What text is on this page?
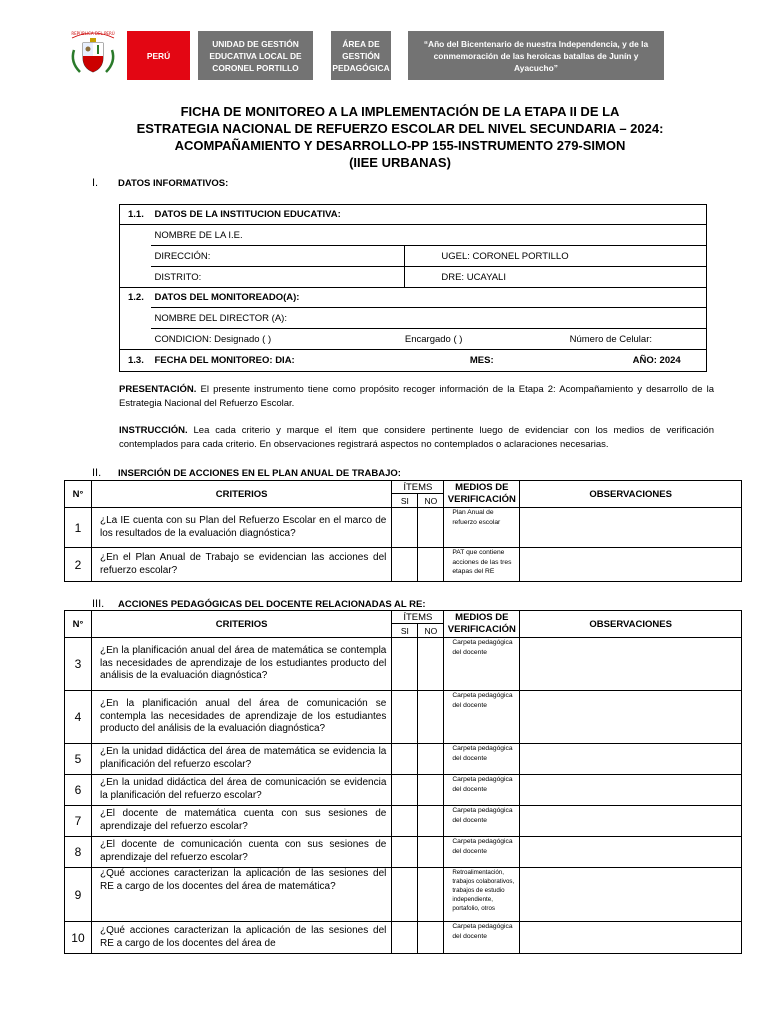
REPÚBLICA DEL PERÚ
PERÚ
UNIDAD DE GESTIÓN EDUCATIVA LOCAL DE CORONEL PORTILLO
ÁREA DE GESTIÓN PEDAGÓGICA
“Año del Bicentenario de nuestra Independencia, y de la conmemoración de las heroicas batallas de Junín y Ayacucho”
FICHA DE MONITOREO A LA IMPLEMENTACIÓN DE LA ETAPA II DE LA
ESTRATEGIA NACIONAL DE REFUERZO ESCOLAR DEL NIVEL SECUNDARIA – 2024:
ACOMPAÑAMIENTO Y DESARROLLO-PP 155-INSTRUMENTO 279-SIMON
(IIEE URBANAS)
I. DATOS INFORMATIVOS:
1.1.	DATOS DE LA INSTITUCION EDUCATIVA:		
	NOMBRE DE LA I.E.		
	DIRECCIÓN:	UGEL: CORONEL PORTILLO	
	DISTRITO:	DRE: UCAYALI	
1.2.	DATOS DEL MONITOREADO(A):		
	NOMBRE DEL DIRECTOR (A):		
	CONDICION: Designado ( )	Encargado ( )	Número de Celular:
1.3.	FECHA DEL MONITOREO: DIA:	MES:	AÑO: 2024
PRESENTACIÓN. El presente instrumento tiene como propósito recoger información de la Etapa 2: Acompañamiento y desarrollo de la Estrategia Nacional del Refuerzo Escolar.
INSTRUCCIÓN. Lea cada criterio y marque el ítem que considere pertinente luego de evidenciar con los medios de verificación contemplados para cada criterio. En observaciones registrará aspectos no contemplados o aclaraciones necesarias.
II. INSERCIÓN DE ACCIONES EN EL PLAN ANUAL DE TRABAJO:
N°	CRITERIOS	ÍTEMS		MEDIOS DE VERIFICACIÓN	OBSERVACIONES
		SI	NO		
1	¿La IE cuenta con su Plan del Refuerzo Escolar en el marco de los resultados de la evaluación diagnóstica?			Plan Anual de refuerzo escolar	
2	¿En el Plan Anual de Trabajo se evidencian las acciones del refuerzo escolar?			PAT que contiene acciones de las tres etapas del RE	
III. ACCIONES PEDAGÓGICAS DEL DOCENTE RELACIONADAS AL RE:
N°	CRITERIOS	ÍTEMS		MEDIOS DE VERIFICACIÓN	OBSERVACIONES
		SI	NO		
3	¿En la planificación anual del área de matemática se contempla las necesidades de aprendizaje de los estudiantes producto del análisis de la evaluación diagnóstica?			Carpeta pedagógica del docente	
4	¿En la planificación anual del área de comunicación se contempla las necesidades de aprendizaje de los estudiantes producto del análisis de la evaluación diagnóstica?			Carpeta pedagógica del docente	
5	¿En la unidad didáctica del área de matemática se evidencia la planificación del refuerzo escolar?			Carpeta pedagógica del docente	
6	¿En la unidad didáctica del área de comunicación se evidencia la planificación del refuerzo escolar?			Carpeta pedagógica del docente	
7	¿El docente de matemática cuenta con sus sesiones de aprendizaje del refuerzo escolar?			Carpeta pedagógica del docente	
8	¿El docente de comunicación cuenta con sus sesiones de aprendizaje del refuerzo escolar?			Carpeta pedagógica del docente	
9	¿Qué acciones caracterizan la aplicación de las sesiones del RE a cargo de los docentes del área de matemática?			Retroalimentación, trabajos colaborativos, trabajos de estudio independiente, portafolio, otros	
10	¿Qué acciones caracterizan la aplicación de las sesiones del RE a cargo de los docentes del área de			Carpeta pedagógica del docente	
